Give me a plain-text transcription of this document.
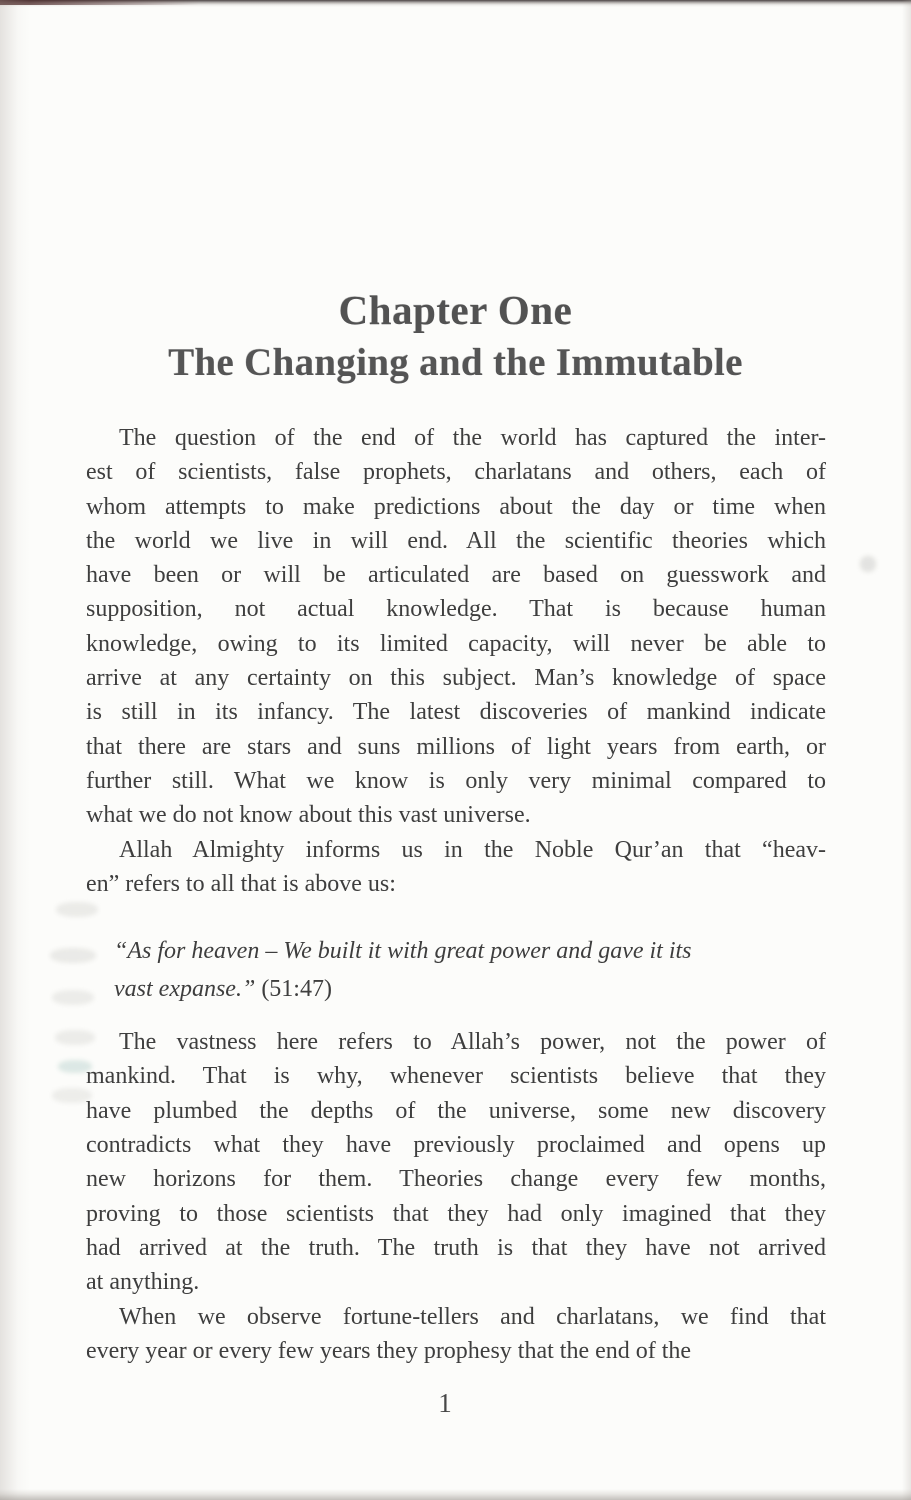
Chapter One
The Changing and the Immutable
The question of the end of the world has captured the inter-
est of scientists, false prophets, charlatans and others, each of
whom attempts to make predictions about the day or time when
the world we live in will end. All the scientific theories which
have been or will be articulated are based on guesswork and
supposition, not actual knowledge. That is because human
knowledge, owing to its limited capacity, will never be able to
arrive at any certainty on this subject. Man’s knowledge of space
is still in its infancy. The latest discoveries of mankind indicate
that there are stars and suns millions of light years from earth, or
further still. What we know is only very minimal compared to
what we do not know about this vast universe.
Allah Almighty informs us in the Noble Qur’an that “heav-
en” refers to all that is above us:
“As for heaven – We built it with great power and gave it its
vast expanse.” (51:47)
The vastness here refers to Allah’s power, not the power of
mankind. That is why, whenever scientists believe that they
have plumbed the depths of the universe, some new discovery
contradicts what they have previously proclaimed and opens up
new horizons for them. Theories change every few months,
proving to those scientists that they had only imagined that they
had arrived at the truth. The truth is that they have not arrived
at anything.
When we observe fortune-tellers and charlatans, we find that
every year or every few years they prophesy that the end of the
1
